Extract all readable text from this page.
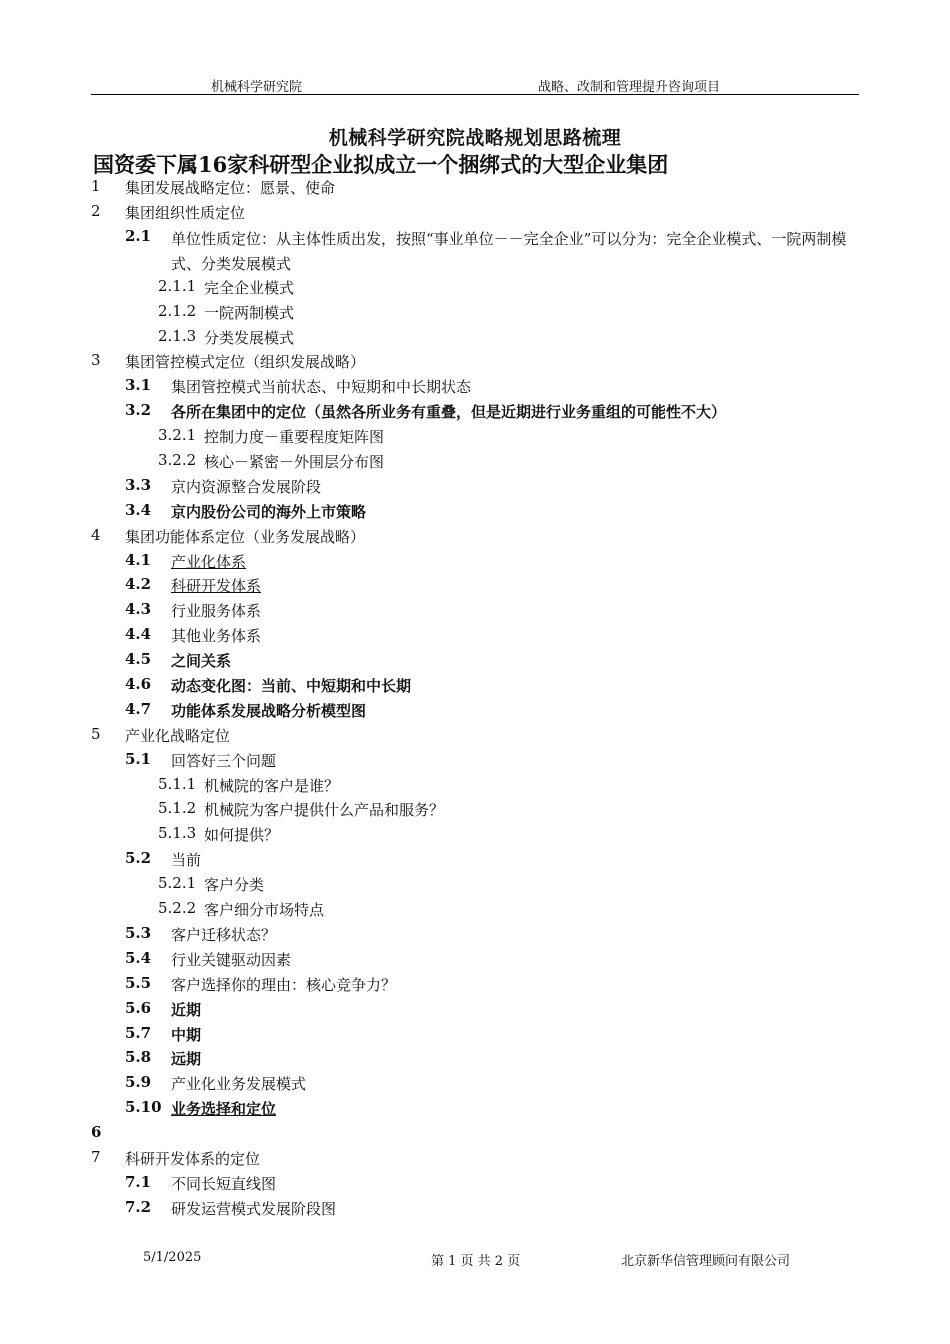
机械科学研究院	战略、改制和管理提升咨询项目
机械科学研究院战略规划思路梳理
国资委下属16家科研型企业拟成立一个捆绑式的大型企业集团
1 集团发展战略定位：愿景、使命
2 集团组织性质定位
2.1 单位性质定位：从主体性质出发，按照“事业单位－－完全企业”可以分为：完全企业模式、一院两制模式、分类发展模式
2.1.1 完全企业模式
2.1.2 一院两制模式
2.1.3 分类发展模式
3 集团管控模式定位（组织发展战略）
3.1 集团管控模式当前状态、中短期和中长期状态
3.2 各所在集团中的定位（虽然各所业务有重叠，但是近期进行业务重组的可能性不大）
3.2.1 控制力度－重要程度矩阵图
3.2.2 核心－紧密－外围层分布图
3.3 京内资源整合发展阶段
3.4 京内股份公司的海外上市策略
4 集团功能体系定位（业务发展战略）
4.1 产业化体系
4.2 科研开发体系
4.3 行业服务体系
4.4 其他业务体系
4.5 之间关系
4.6 动态变化图：当前、中短期和中长期
4.7 功能体系发展战略分析模型图
5 产业化战略定位
5.1 回答好三个问题
5.1.1 机械院的客户是谁？
5.1.2 机械院为客户提供什么产品和服务？
5.1.3 如何提供？
5.2 当前
5.2.1 客户分类
5.2.2 客户细分市场特点
5.3 客户迁移状态？
5.4 行业关键驱动因素
5.5 客户选择你的理由：核心竞争力？
5.6 近期
5.7 中期
5.8 远期
5.9 产业化业务发展模式
5.10 业务选择和定位
6
7 科研开发体系的定位
7.1 不同长短直线图
7.2 研发运营模式发展阶段图
5/1/2025	第 1 页 共 2 页	北京新华信管理顾问有限公司
